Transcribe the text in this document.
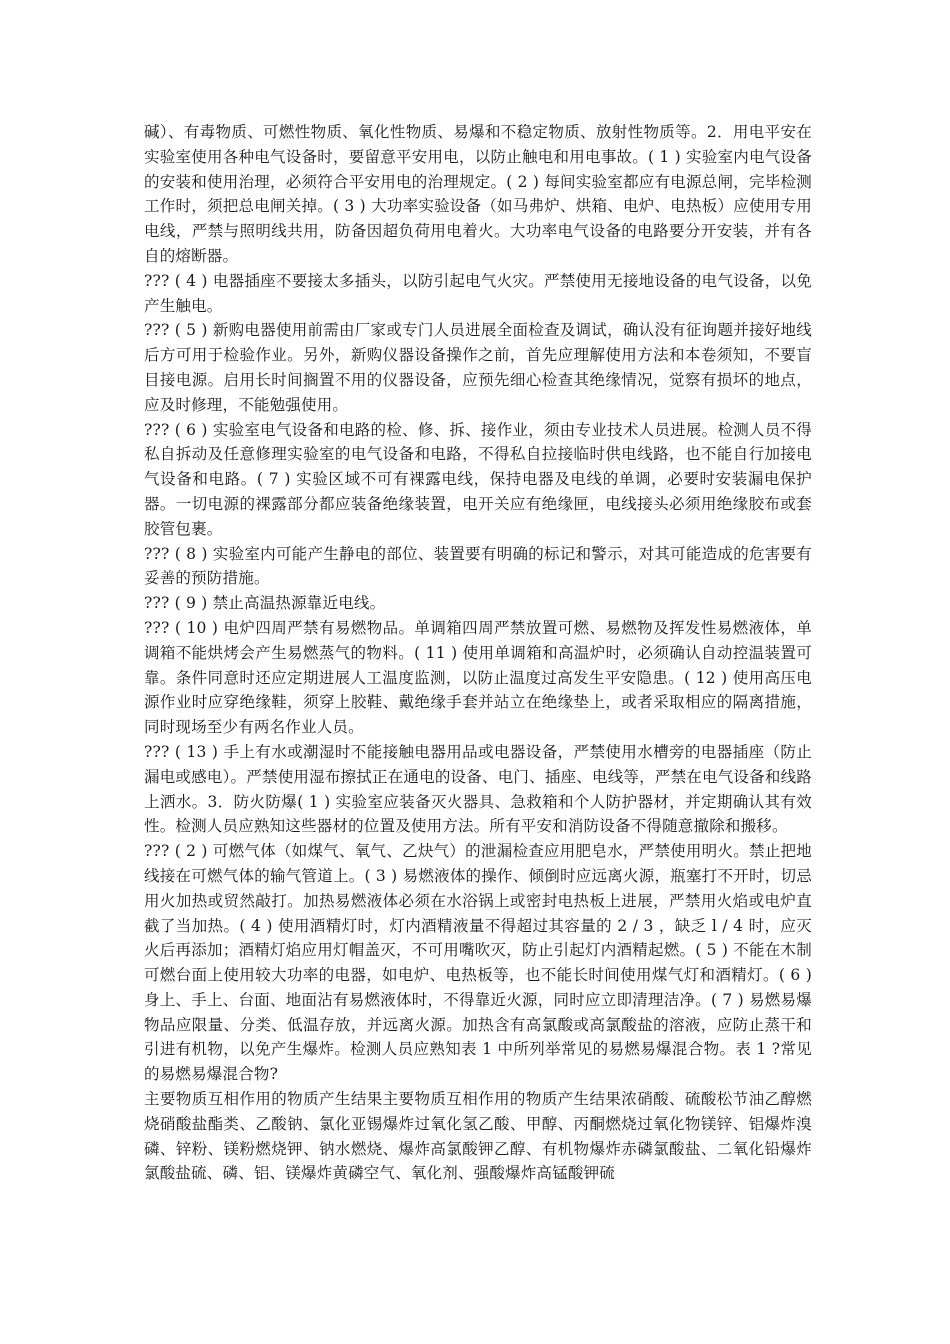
碱）、有毒物质、可燃性物质、氧化性物质、易爆和不稳定物质、放射性物质等。2．用电平安在实验室使用各种电气设备时，要留意平安用电，以防止触电和用电事故。( 1 ) 实验室内电气设备的安装和使用治理，必须符合平安用电的治理规定。( 2 ) 每间实验室都应有电源总闸，完毕检测工作时，须把总电闸关掉。( 3 ) 大功率实验设备（如马弗炉、烘箱、电炉、电热板）应使用专用电线，严禁与照明线共用，防备因超负荷用电着火。大功率电气设备的电路要分开安装，并有各自的熔断器。

??? ( 4 ) 电器插座不要接太多插头，以防引起电气火灾。严禁使用无接地设备的电气设备，以免产生触电。

??? ( 5 ) 新购电器使用前需由厂家或专门人员进展全面检查及调试，确认没有征询题并接好地线后方可用于检验作业。另外，新购仪器设备操作之前，首先应理解使用方法和本卷须知，不要盲目接电源。启用长时间搁置不用的仪器设备，应预先细心检查其绝缘情况，觉察有损坏的地点，应及时修理，不能勉强使用。

??? ( 6 ) 实验室电气设备和电路的检、修、拆、接作业，须由专业技术人员进展。检测人员不得私自拆动及任意修理实验室的电气设备和电路，不得私自拉接临时供电线路，也不能自行加接电气设备和电路。( 7 ) 实验区域不可有裸露电线，保持电器及电线的单调，必要时安装漏电保护器。一切电源的裸露部分都应装备绝缘装置，电开关应有绝缘匣，电线接头必须用绝缘胶布或套胶管包裹。

??? ( 8 ) 实验室内可能产生静电的部位、装置要有明确的标记和警示，对其可能造成的危害要有妥善的预防措施。

??? ( 9 ) 禁止高温热源靠近电线。

??? ( 10 ) 电炉四周严禁有易燃物品。单调箱四周严禁放置可燃、易燃物及挥发性易燃液体，单调箱不能烘烤会产生易燃蒸气的物料。( 11 ) 使用单调箱和高温炉时，必须确认自动控温装置可靠。条件同意时还应定期进展人工温度监测，以防止温度过高发生平安隐患。( 12 ) 使用高压电源作业时应穿绝缘鞋，须穿上胶鞋、戴绝缘手套并站立在绝缘垫上，或者采取相应的隔离措施，同时现场至少有两名作业人员。

??? ( 13 ) 手上有水或潮湿时不能接触电器用品或电器设备，严禁使用水槽旁的电器插座（防止漏电或感电）。严禁使用湿布擦拭正在通电的设备、电门、插座、电线等，严禁在电气设备和线路上洒水。3．防火防爆( 1 ) 实验室应装备灭火器具、急救箱和个人防护器材，并定期确认其有效性。检测人员应熟知这些器材的位置及使用方法。所有平安和消防设备不得随意撤除和搬移。

??? ( 2 ) 可燃气体（如煤气、氧气、乙炔气）的泄漏检查应用肥皂水，严禁使用明火。禁止把地线接在可燃气体的输气管道上。( 3 ) 易燃液体的操作、倾倒时应远离火源，瓶塞打不开时，切忌用火加热或贸然敲打。加热易燃液体必须在水浴锅上或密封电热板上进展，严禁用火焰或电炉直截了当加热。( 4 ) 使用酒精灯时，灯内酒精液量不得超过其容量的 2 / 3 ，缺乏 l / 4 时，应灭火后再添加；酒精灯焰应用灯帽盖灭，不可用嘴吹灭，防止引起灯内酒精起燃。( 5 ) 不能在木制可燃台面上使用较大功率的电器，如电炉、电热板等，也不能长时间使用煤气灯和酒精灯。( 6 ) 身上、手上、台面、地面沾有易燃液体时，不得靠近火源，同时应立即清理洁净。( 7 ) 易燃易爆物品应限量、分类、低温存放，并远离火源。加热含有高氯酸或高氯酸盐的溶液，应防止蒸干和引进有机物，以免产生爆炸。检测人员应熟知表 1 中所列举常见的易燃易爆混合物。表 1 ?常见的易燃易爆混合物?

主要物质互相作用的物质产生结果主要物质互相作用的物质产生结果浓硝酸、硫酸松节油乙醇燃烧硝酸盐酯类、乙酸钠、氯化亚锡爆炸过氧化氢乙酸、甲醇、丙酮燃烧过氧化物镁锌、铝爆炸溴磷、锌粉、镁粉燃烧钾、钠水燃烧、爆炸高氯酸钾乙醇、有机物爆炸赤磷氯酸盐、二氧化铅爆炸氯酸盐硫、磷、铝、镁爆炸黄磷空气、氧化剂、强酸爆炸高锰酸钾硫
